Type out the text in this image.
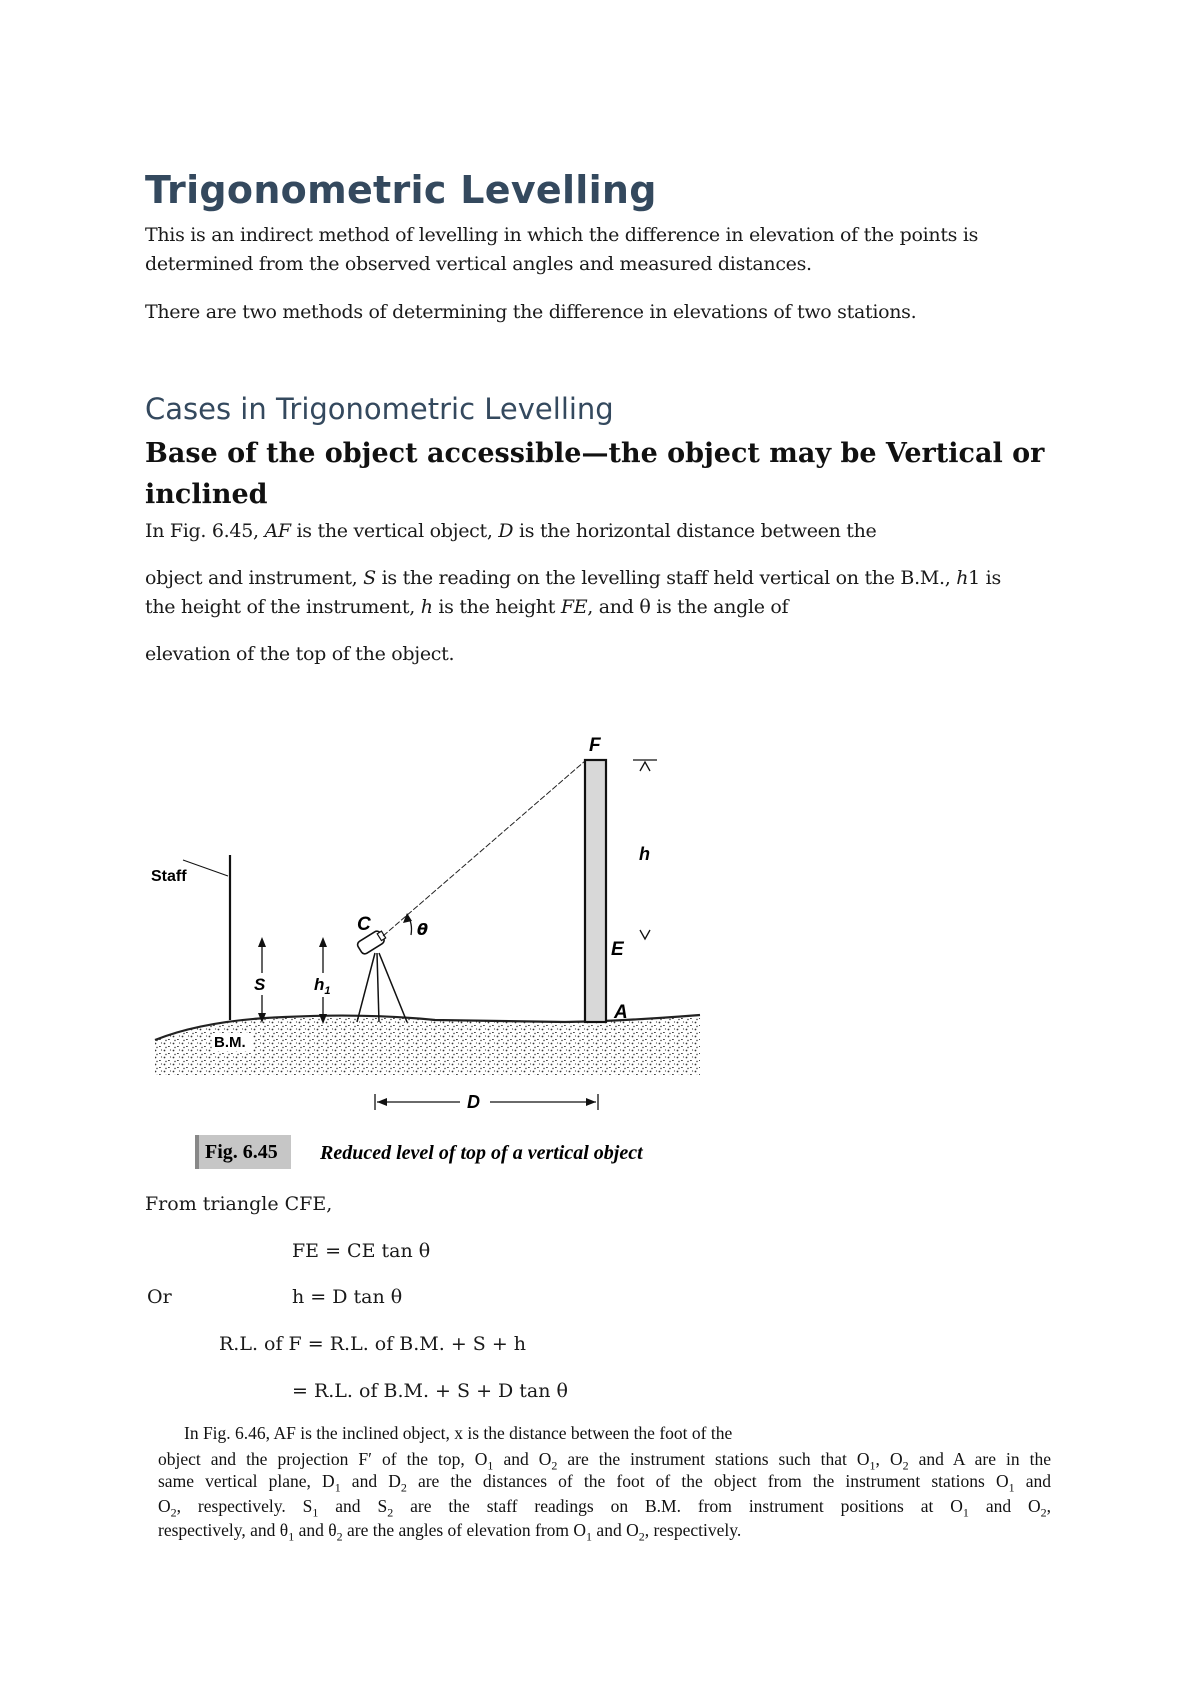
Trigonometric Levelling

This is an indirect method of levelling in which the difference in elevation of the points is determined from the observed vertical angles and measured distances.

There are two methods of determining the difference in elevations of two stations.

Cases in Trigonometric Levelling
Base of the object accessible—the object may be Vertical or inclined

In Fig. 6.45, AF is the vertical object, D is the horizontal distance between the

object and instrument, S is the reading on the levelling staff held vertical on the B.M., h1 is

the height of the instrument, h is the height FE, and θ is the angle of

elevation of the top of the object.

Staff
S	$h_1$
C	θ
F
E
A
h
B.M.
D
Fig. 6.45 Reduced level of top of a vertical object

From triangle CFE,

FE = CE tan θ

Or	h = D tan θ

R.L. of F = R.L. of B.M. + S + h

= R.L. of B.M. + S + D tan θ

In Fig. 6.46, AF is the inclined object, x is the distance between the foot of the

object and the projection F′ of the top, $O_1$ and $O_2$ are the instrument stations such that $O_1$, $O_2$ and A are in the

same vertical plane, $D_1$ and $D_2$ are the distances of the foot of the object from the instrument stations $O_1$ and

$O_2$, respectively. $S_1$ and $S_2$ are the staff readings on B.M. from instrument positions at $O_1$ and $O_2$,

respectively, and $\theta_1$ and $\theta_2$ are the angles of elevation from $O_1$ and $O_2$, respectively.
